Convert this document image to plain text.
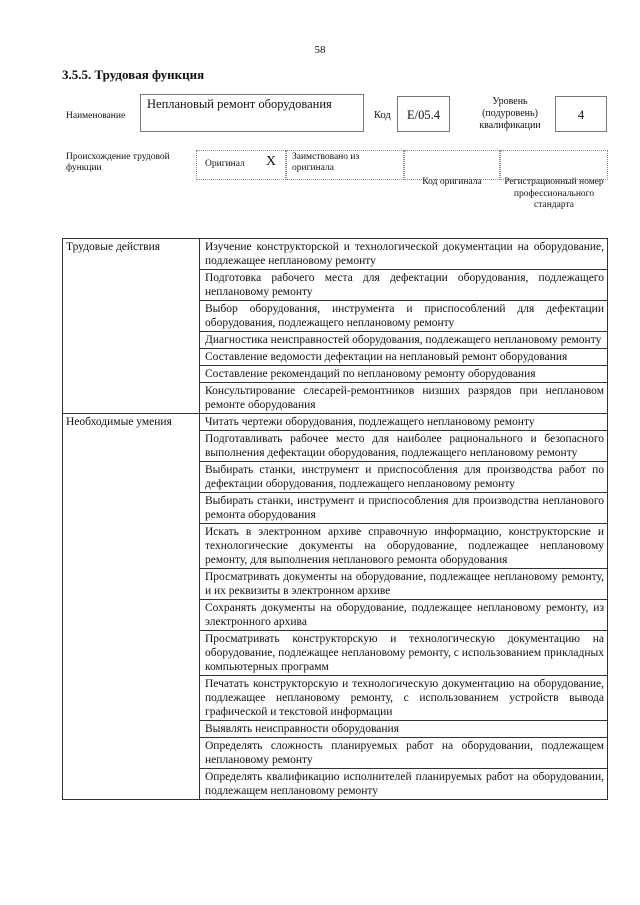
58
3.5.5. Трудовая функция
Наименование
Неплановый ремонт оборудования
Код	E/05.4
Уровень (подуровень) квалификации
4
Происхождение трудовой функции	Оригинал X Заимствовано из оригинала
Код оригинала	Регистрационный номер профессионального стандарта
Трудовые действия	Изучение конструкторской и технологической документации на оборудование, подлежащее неплановому ремонту
	Подготовка рабочего места для дефектации оборудования, подлежащего неплановому ремонту
	Выбор оборудования, инструмента и приспособлений для дефектации оборудования, подлежащего неплановому ремонту
	Диагностика неисправностей оборудования, подлежащего неплановому ремонту
	Составление ведомости дефектации на неплановый ремонт оборудования
	Составление рекомендаций по неплановому ремонту оборудования
	Консультирование слесарей-ремонтников низших разрядов при неплановом ремонте оборудования
Необходимые умения	Читать чертежи оборудования, подлежащего неплановому ремонту
	Подготавливать рабочее место для наиболее рационального и безопасного выполнения дефектации оборудования, подлежащего неплановому ремонту
	Выбирать станки, инструмент и приспособления для производства работ по дефектации оборудования, подлежащего неплановому ремонту
	Выбирать станки, инструмент и приспособления для производства непланового ремонта оборудования
	Искать в электронном архиве справочную информацию, конструкторские и технологические документы на оборудование, подлежащее неплановому ремонту, для выполнения непланового ремонта оборудования
	Просматривать документы на оборудование, подлежащее неплановому ремонту, и их реквизиты в электронном архиве
	Сохранять документы на оборудование, подлежащее неплановому ремонту, из электронного архива
	Просматривать конструкторскую и технологическую документацию на оборудование, подлежащее неплановому ремонту, с использованием прикладных компьютерных программ
	Печатать конструкторскую и технологическую документацию на оборудование, подлежащее неплановому ремонту, с использованием устройств вывода графической и текстовой информации
	Выявлять неисправности оборудования
	Определять сложность планируемых работ на оборудовании, подлежащем неплановому ремонту
	Определять квалификацию исполнителей планируемых работ на оборудовании, подлежащем неплановому ремонту
